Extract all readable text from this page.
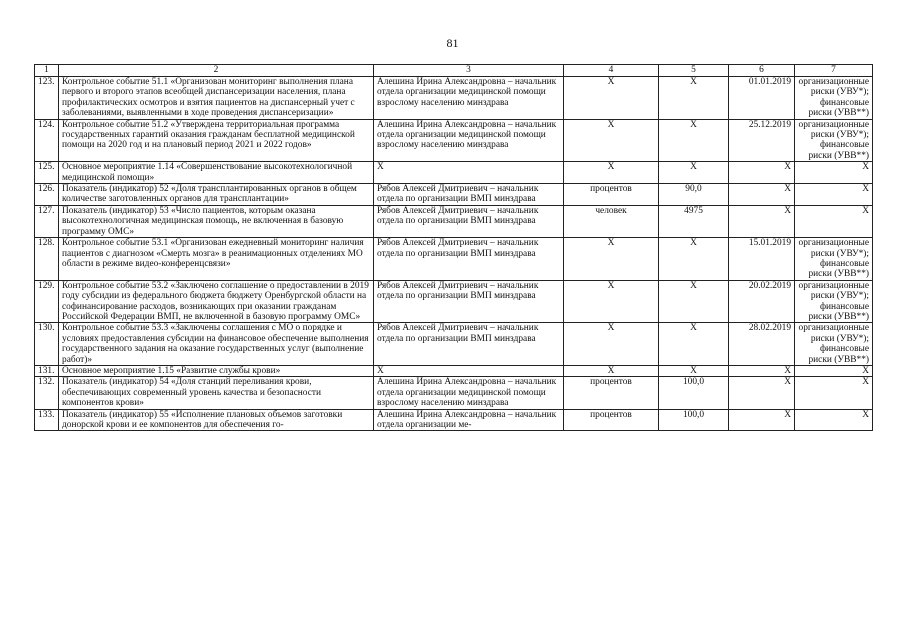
81
1	2	3	4	5	6	7
123.	Контрольное событие 51.1 «Организован мониторинг выполнения плана первого и второго этапов всеобщей диспансеризации населения, плана профилактических осмотров и взятия пациентов на диспансерный учет с заболеваниями, выявленными в ходе проведения диспансеризации»	Алешина Ирина Александровна – начальник отдела организации медицинской помощи взрослому населению минздрава	Х	Х	01.01.2019	организационные риски (УВУ*); финансовые риски (УВВ**)
124.	Контрольное событие 51.2 «Утверждена территориальная программа государственных гарантий оказания гражданам бесплатной медицинской помощи на 2020 год и на плановый период 2021 и 2022 годов»	Алешина Ирина Александровна – начальник отдела организации медицинской помощи взрослому населению минздрава	Х	Х	25.12.2019	организационные риски (УВУ*); финансовые риски (УВВ**)
125.	Основное мероприятие 1.14 «Совершенствование высокотехнологичной медицинской помощи»	Х	Х	Х	Х	Х
126.	Показатель (индикатор) 52 «Доля трансплантированных органов в общем количестве заготовленных органов для трансплантации»	Рябов Алексей Дмитриевич – начальник отдела по организации ВМП минздрава	процентов	90,0	Х	Х
127.	Показатель (индикатор) 53 «Число пациентов, которым оказана высокотехнологичная медицинская помощь, не включенная в базовую программу ОМС»	Рябов Алексей Дмитриевич – начальник отдела по организации ВМП минздрава	человек	4975	Х	Х
128.	Контрольное событие 53.1 «Организован ежедневный мониторинг наличия пациентов с диагнозом «Смерть мозга» в реанимационных отделениях МО области в режиме видео-конференцсвязи»	Рябов Алексей Дмитриевич – начальник отдела по организации ВМП минздрава	Х	Х	15.01.2019	организационные риски (УВУ*); финансовые риски (УВВ**)
129.	Контрольное событие 53.2 «Заключено соглашение о предоставлении в 2019 году субсидии из федерального бюджета бюджету Оренбургской области на софинансирование расходов, возникающих при оказании гражданам Российской Федерации ВМП, не включенной в базовую программу ОМС»	Рябов Алексей Дмитриевич – начальник отдела по организации ВМП минздрава	Х	Х	20.02.2019	организационные риски (УВУ*); финансовые риски (УВВ**)
130.	Контрольное событие 53.3 «Заключены соглашения с МО о порядке и условиях предоставления субсидии на финансовое обеспечение выполнения государственного задания на оказание государственных услуг (выполнение работ)»	Рябов Алексей Дмитриевич – начальник отдела по организации ВМП минздрава	Х	Х	28.02.2019	организационные риски (УВУ*); финансовые риски (УВВ**)
131.	Основное мероприятие 1.15 «Развитие службы крови»	Х	Х	Х	Х	Х
132.	Показатель (индикатор) 54 «Доля станций переливания крови, обеспечивающих современный уровень качества и безопасности компонентов крови»	Алешина Ирина Александровна – начальник отдела организации медицинской помощи взрослому населению минздрава	процентов	100,0	Х	Х
133.	Показатель (индикатор) 55 «Исполнение плановых объемов заготовки донорской крови и ее компонентов для обеспечения го-	Алешина Ирина Александровна – начальник отдела организации ме-	процентов	100,0	Х	Х
